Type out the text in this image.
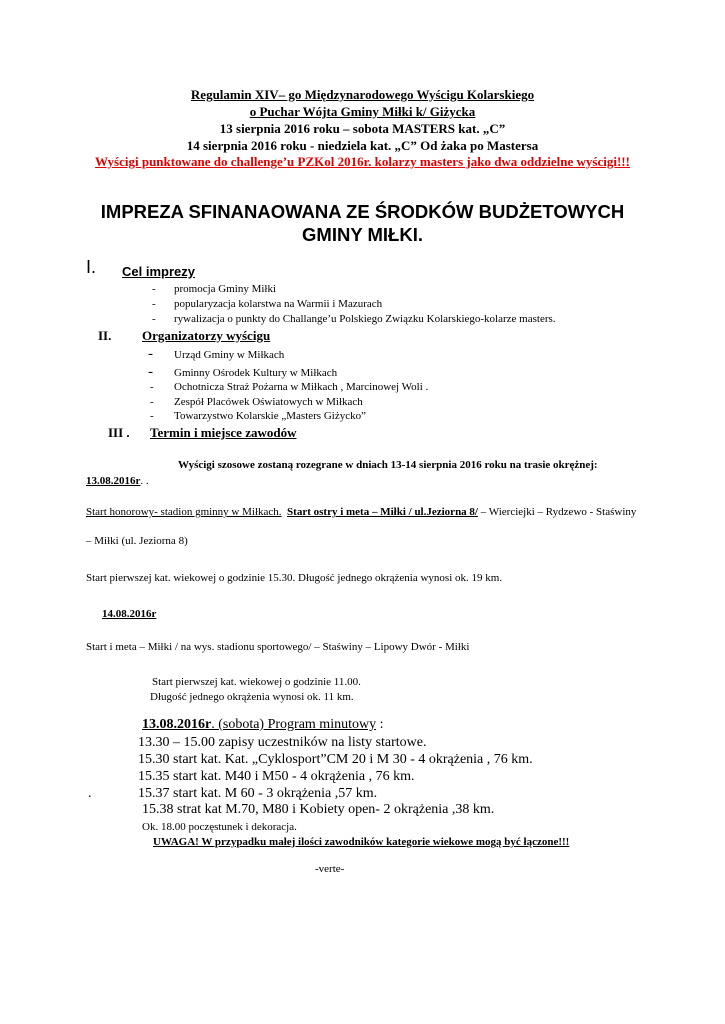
Regulamin XIV– go Międzynarodowego Wyścigu Kolarskiego
o Puchar Wójta Gminy Miłki k/ Giżycka
13 sierpnia 2016 roku – sobota MASTERS kat. „C”
14 sierpnia 2016 roku - niedziela kat. „C” Od żaka po Mastersa
Wyścigi punktowane do challenge’u PZKol 2016r. kolarzy masters jako dwa oddzielne wyścigi!!!
IMPREZA SFINANAOWANA ZE ŚRODKÓW BUDŻETOWYCH
GMINY MIŁKI.
I. Cel imprezy
- promocja Gminy Miłki
- popularyzacja kolarstwa na Warmii i Mazurach
- rywalizacja o punkty do Challange’u Polskiego Związku Kolarskiego-kolarze masters.
II. Organizatorzy wyścigu
- Urząd Gminy w Miłkach
- Gminny Ośrodek Kultury w Miłkach
- Ochotnicza Straż Pożarna w Miłkach , Marcinowej Woli .
- Zespół Placówek Oświatowych w Miłkach
- Towarzystwo Kolarskie „Masters Giżycko”
III . Termin i miejsce zawodów
Wyścigi szosowe zostaną rozegrane w dniach 13-14 sierpnia 2016 roku na trasie okrężnej:
13.08.2016r. .
Start honorowy- stadion gminny w Miłkach. Start ostry i meta – Miłki / ul.Jeziorna 8/ – Wierciejki – Rydzewo - Staświny
– Miłki (ul. Jeziorna 8)
Start pierwszej kat. wiekowej o godzinie 15.30. Długość jednego okrążenia wynosi ok. 19 km.
14.08.2016r
Start i meta – Miłki / na wys. stadionu sportowego/ – Staświny – Lipowy Dwór - Miłki
Start pierwszej kat. wiekowej o godzinie 11.00.
Długość jednego okrążenia wynosi ok. 11 km.
13.08.2016r. (sobota) Program minutowy :
13.30 – 15.00 zapisy uczestników na listy startowe.
15.30 start kat. Kat. „Cyklosport”CM 20 i M 30 - 4 okrążenia , 76 km.
15.35 start kat. M40 i M50 - 4 okrążenia , 76 km.
.	15.37 start kat. M 60 - 3 okrążenia ,57 km.
15.38 strat kat M.70, M80 i Kobiety open- 2 okrążenia ,38 km.
Ok. 18.00 poczęstunek i dekoracja.
UWAGA! W przypadku małej ilości zawodników kategorie wiekowe mogą być łączone!!!
-verte-
